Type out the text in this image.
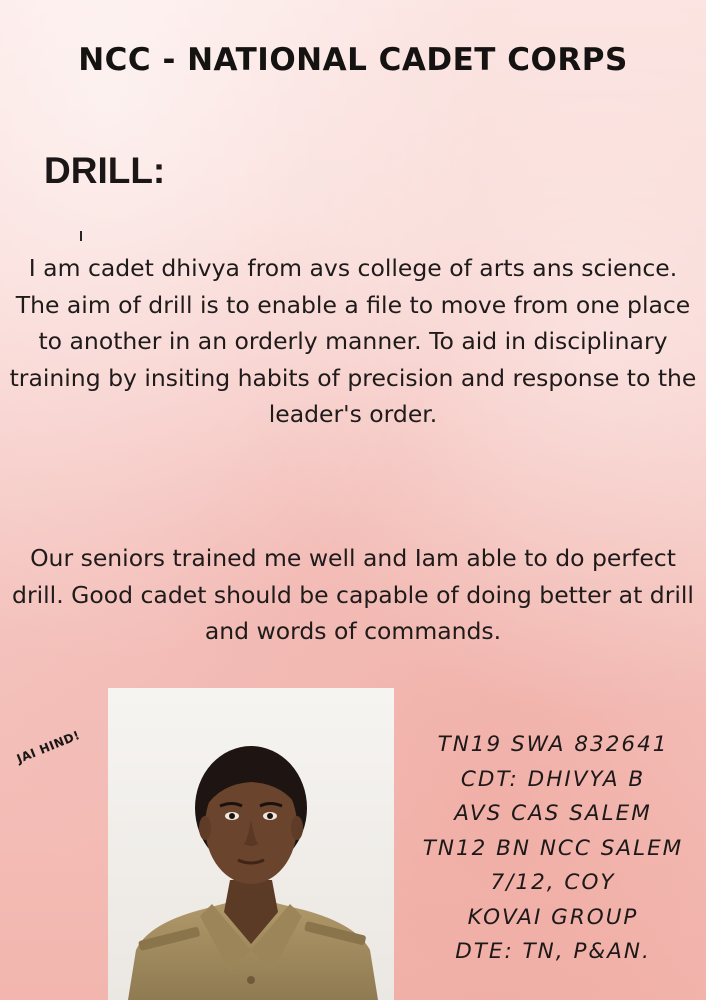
NCC - NATIONAL CADET CORPS
DRILL:

I am cadet dhivya from avs college of arts ans science. The aim of drill is to enable a file to move from one place to another in an orderly manner. To aid in disciplinary training by insiting habits of precision and response to the leader's order.

Our seniors trained me well and Iam able to do perfect drill. Good cadet should be capable of doing better at drill and words of commands.

JAI HIND!	TN19 SWA 832641
CDT: DHIVYA B
AVS CAS SALEM
TN12 BN NCC SALEM
7/12, COY
KOVAI GROUP
DTE: TN, P&AN.
